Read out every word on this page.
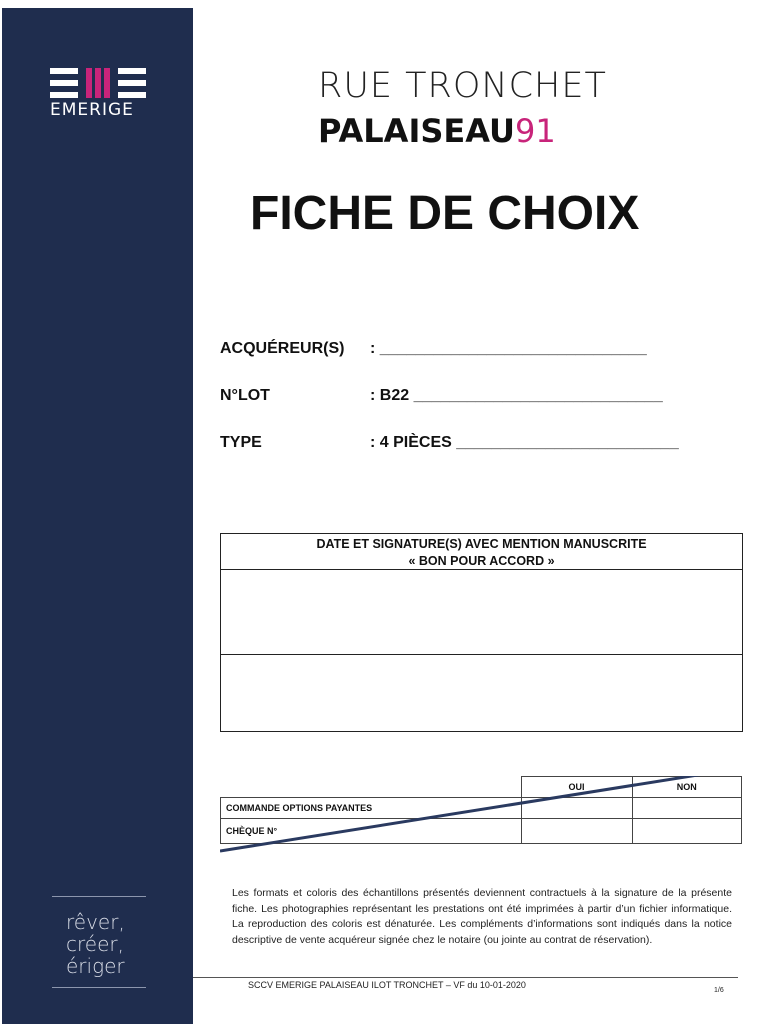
EMERIGE
rêver,
créer,
ériger
RUE TRONCHET
PALAISEAU91
FICHE DE CHOIX
ACQUÉREUR(S) : ______________________________
N°LOT	: B22 ____________________________
TYPE	: 4 PIÈCES _________________________
DATE ET SIGNATURE(S) AVEC MENTION MANUSCRITE
« BON POUR ACCORD »
	OUI	NON
COMMANDE OPTIONS PAYANTES		
CHÈQUE N°		
Les formats et coloris des échantillons présentés deviennent contractuels à la signature de la présente fiche. Les photographies représentant les prestations ont été imprimées à partir d’un fichier informatique. La reproduction des coloris est dénaturée. Les compléments d’informations sont indiqués dans la notice descriptive de vente acquéreur signée chez le notaire (ou jointe au contrat de réservation).
SCCV EMERIGE PALAISEAU ILOT TRONCHET – VF du 10-01-2020
1/6
